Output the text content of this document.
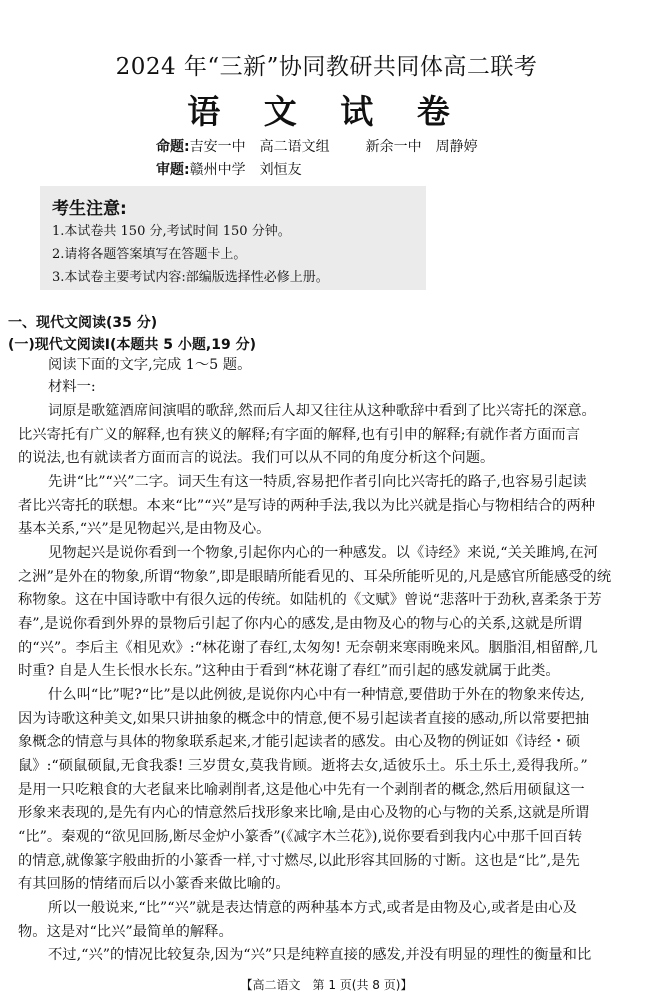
2024 年“三新”协同教研共同体高二联考
语 文 试 卷
命题:吉安一中　高二语文组	新余一中　周静婷
审题:赣州中学　刘恒友
考生注意:
1.本试卷共 150 分,考试时间 150 分钟。
2.请将各题答案填写在答题卡上。
3.本试卷主要考试内容:部编版选择性必修上册。
一、现代文阅读(35 分)
(一)现代文阅读Ⅰ(本题共 5 小题,19 分)
阅读下面的文字,完成 1～5 题。
材料一:
词原是歌筵酒席间演唱的歌辞,然而后人却又往往从这种歌辞中看到了比兴寄托的深意。
比兴寄托有广义的解释,也有狭义的解释;有字面的解释,也有引申的解释;有就作者方面而言
的说法,也有就读者方面而言的说法。我们可以从不同的角度分析这个问题。
先讲“比”“兴”二字。词天生有这一特质,容易把作者引向比兴寄托的路子,也容易引起读
者比兴寄托的联想。本来“比”“兴”是写诗的两种手法,我以为比兴就是指心与物相结合的两种
基本关系,“兴”是见物起兴,是由物及心。
见物起兴是说你看到一个物象,引起你内心的一种感发。以《诗经》来说,“关关雎鸠,在河
之洲”是外在的物象,所谓“物象”,即是眼睛所能看见的、耳朵所能听见的,凡是感官所能感受的统
称物象。这在中国诗歌中有很久远的传统。如陆机的《文赋》曾说“悲落叶于劲秋,喜柔条于芳
春”,是说你看到外界的景物后引起了你内心的感发,是由物及心的物与心的关系,这就是所谓
的“兴”。李后主《相见欢》:“林花谢了春红,太匆匆! 无奈朝来寒雨晚来风。胭脂泪,相留醉,几
时重? 自是人生长恨水长东。”这种由于看到“林花谢了春红”而引起的感发就属于此类。
什么叫“比”呢?“比”是以此例彼,是说你内心中有一种情意,要借助于外在的物象来传达,
因为诗歌这种美文,如果只讲抽象的概念中的情意,便不易引起读者直接的感动,所以常要把抽
象概念的情意与具体的物象联系起来,才能引起读者的感发。由心及物的例证如《诗经・硕
鼠》:“硕鼠硕鼠,无食我黍! 三岁贯女,莫我肯顾。逝将去女,适彼乐土。乐土乐土,爰得我所。”
是用一只吃粮食的大老鼠来比喻剥削者,这是他心中先有一个剥削者的概念,然后用硕鼠这一
形象来表现的,是先有内心的情意然后找形象来比喻,是由心及物的心与物的关系,这就是所谓
“比”。秦观的“欲见回肠,断尽金炉小篆香”(《减字木兰花》),说你要看到我内心中那千回百转
的情意,就像篆字般曲折的小篆香一样,寸寸燃尽,以此形容其回肠的寸断。这也是“比”,是先
有其回肠的情绪而后以小篆香来做比喻的。
所以一般说来,“比”“兴”就是表达情意的两种基本方式,或者是由物及心,或者是由心及
物。这是对“比兴”最简单的解释。
不过,“兴”的情况比较复杂,因为“兴”只是纯粹直接的感发,并没有明显的理性的衡量和比
【高二语文　第 1 页(共 8 页)】
